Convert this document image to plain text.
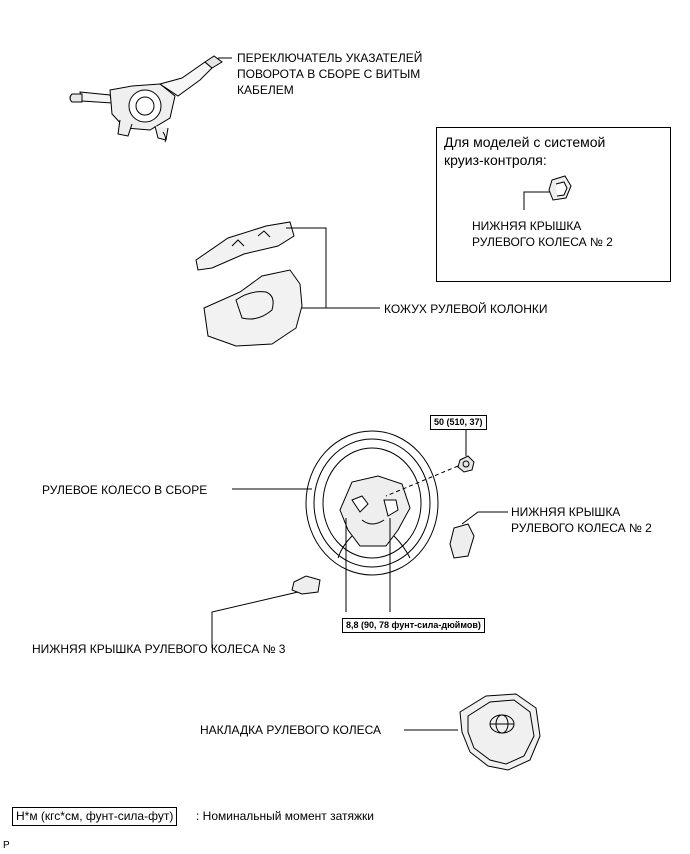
ПЕРЕКЛЮЧАТЕЛЬ УКАЗАТЕЛЕЙ
ПОВОРОТА В СБОРЕ С ВИТЫМ
КАБЕЛЕМ
Для моделей с системой
круиз-контроля:
НИЖНЯЯ КРЫШКА
РУЛЕВОГО КОЛЕСА № 2
КОЖУХ РУЛЕВОЙ КОЛОНКИ
50 (510, 37)
РУЛЕВОЕ КОЛЕСО В СБОРЕ
НИЖНЯЯ КРЫШКА
РУЛЕВОГО КОЛЕСА № 2
8,8 (90, 78 фунт-сила-дюймов)
НИЖНЯЯ КРЫШКА РУЛЕВОГО КОЛЕСА № 3
НАКЛАДКА РУЛЕВОГО КОЛЕСА
Н*м (кгс*см, фунт-сила-фут)	: Номинальный момент затяжки
P
